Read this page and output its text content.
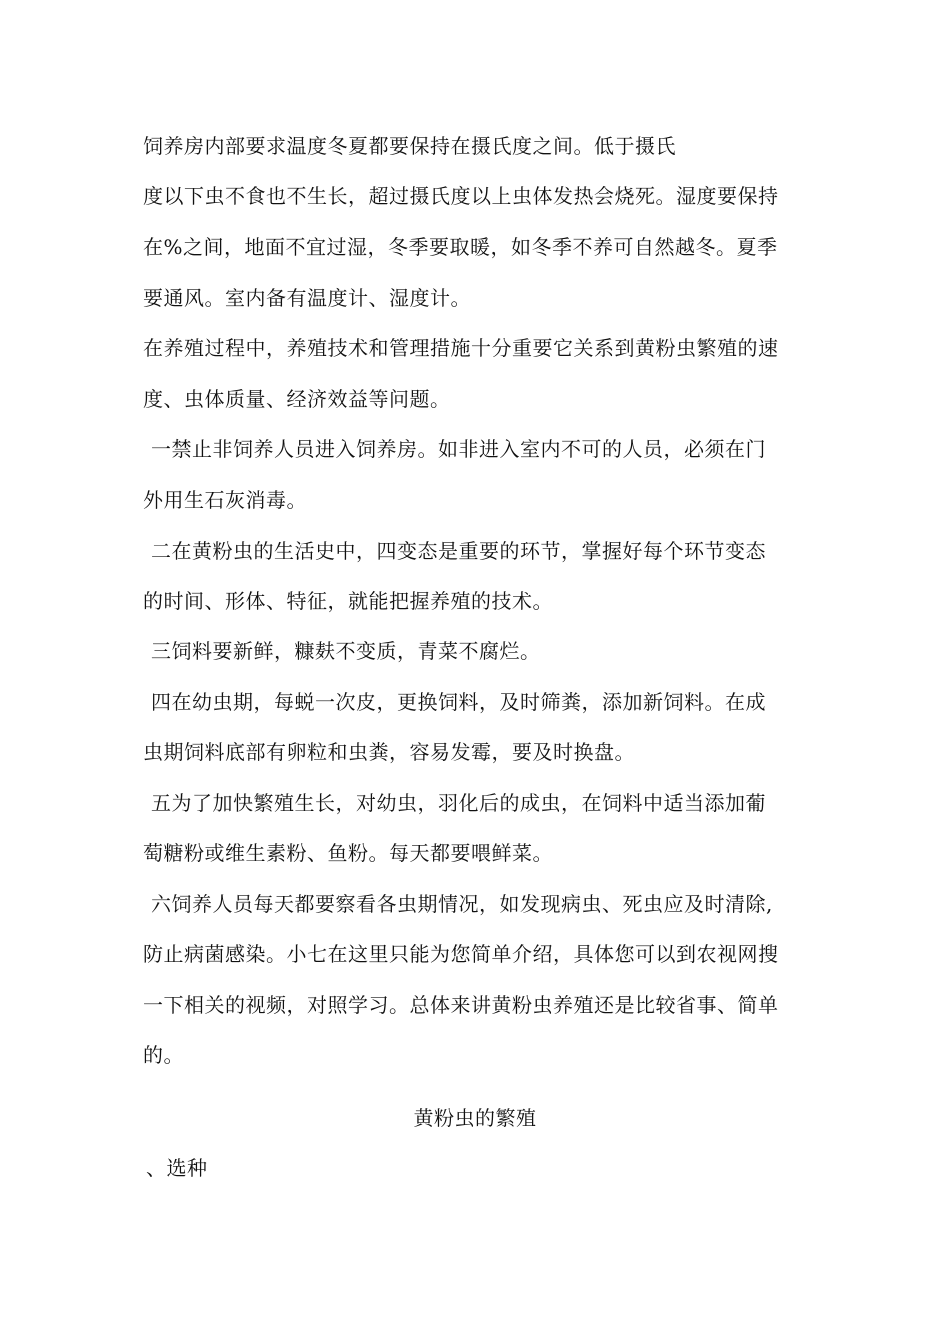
饲养房内部要求温度冬夏都要保持在摄氏度之间。低于摄氏
度以下虫不食也不生长，超过摄氏度以上虫体发热会烧死。湿度要保持
在%之间，地面不宜过湿，冬季要取暖，如冬季不养可自然越冬。夏季
要通风。室内备有温度计、湿度计。
在养殖过程中，养殖技术和管理措施十分重要它关系到黄粉虫繁殖的速
度、虫体质量、经济效益等问题。
一禁止非饲养人员进入饲养房。如非进入室内不可的人员，必须在门
外用生石灰消毒。
二在黄粉虫的生活史中，四变态是重要的环节，掌握好每个环节变态
的时间、形体、特征，就能把握养殖的技术。
三饲料要新鲜，糠麸不变质，青菜不腐烂。
四在幼虫期，每蜕一次皮，更换饲料，及时筛粪，添加新饲料。在成
虫期饲料底部有卵粒和虫粪，容易发霉，要及时换盘。
五为了加快繁殖生长，对幼虫，羽化后的成虫，在饲料中适当添加葡
萄糖粉或维生素粉、鱼粉。每天都要喂鲜菜。
六饲养人员每天都要察看各虫期情况，如发现病虫、死虫应及时清除,
防止病菌感染。小七在这里只能为您简单介绍，具体您可以到农视网搜
一下相关的视频，对照学习。总体来讲黄粉虫养殖还是比较省事、简单
的。
黄粉虫的繁殖
、选种
